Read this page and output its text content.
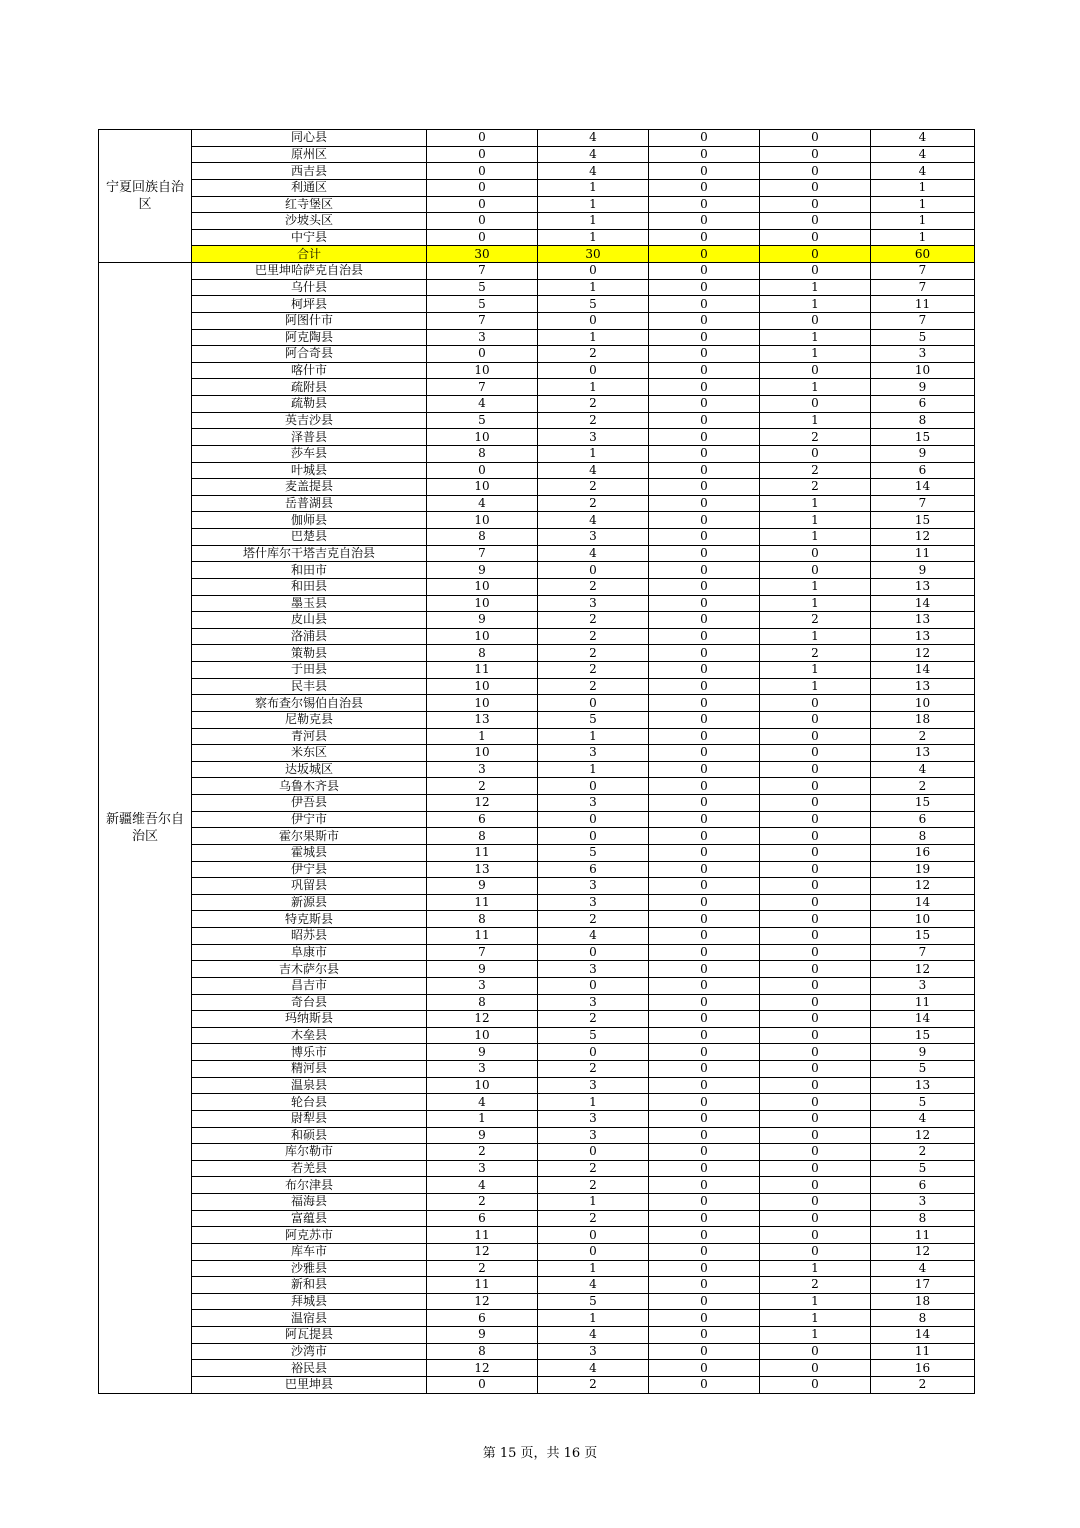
宁夏回族自治区	同心县	0	4	0	0	4
	原州区	0	4	0	0	4
	西吉县	0	4	0	0	4
	利通区	0	1	0	0	1
	红寺堡区	0	1	0	0	1
	沙坡头区	0	1	0	0	1
	中宁县	0	1	0	0	1
	合计	30	30	0	0	60
新疆维吾尔自治区	巴里坤哈萨克自治县	7	0	0	0	7
	乌什县	5	1	0	1	7
	柯坪县	5	5	0	1	11
	阿图什市	7	0	0	0	7
	阿克陶县	3	1	0	1	5
	阿合奇县	0	2	0	1	3
	喀什市	10	0	0	0	10
	疏附县	7	1	0	1	9
	疏勒县	4	2	0	0	6
	英吉沙县	5	2	0	1	8
	泽普县	10	3	0	2	15
	莎车县	8	1	0	0	9
	叶城县	0	4	0	2	6
	麦盖提县	10	2	0	2	14
	岳普湖县	4	2	0	1	7
	伽师县	10	4	0	1	15
	巴楚县	8	3	0	1	12
	塔什库尔干塔吉克自治县	7	4	0	0	11
	和田市	9	0	0	0	9
	和田县	10	2	0	1	13
	墨玉县	10	3	0	1	14
	皮山县	9	2	0	2	13
	洛浦县	10	2	0	1	13
	策勒县	8	2	0	2	12
	于田县	11	2	0	1	14
	民丰县	10	2	0	1	13
	察布查尔锡伯自治县	10	0	0	0	10
	尼勒克县	13	5	0	0	18
	青河县	1	1	0	0	2
	米东区	10	3	0	0	13
	达坂城区	3	1	0	0	4
	乌鲁木齐县	2	0	0	0	2
	伊吾县	12	3	0	0	15
	伊宁市	6	0	0	0	6
	霍尔果斯市	8	0	0	0	8
	霍城县	11	5	0	0	16
	伊宁县	13	6	0	0	19
	巩留县	9	3	0	0	12
	新源县	11	3	0	0	14
	特克斯县	8	2	0	0	10
	昭苏县	11	4	0	0	15
	阜康市	7	0	0	0	7
	吉木萨尔县	9	3	0	0	12
	昌吉市	3	0	0	0	3
	奇台县	8	3	0	0	11
	玛纳斯县	12	2	0	0	14
	木垒县	10	5	0	0	15
	博乐市	9	0	0	0	9
	精河县	3	2	0	0	5
	温泉县	10	3	0	0	13
	轮台县	4	1	0	0	5
	尉犁县	1	3	0	0	4
	和硕县	9	3	0	0	12
	库尔勒市	2	0	0	0	2
	若羌县	3	2	0	0	5
	布尔津县	4	2	0	0	6
	福海县	2	1	0	0	3
	富蕴县	6	2	0	0	8
	阿克苏市	11	0	0	0	11
	库车市	12	0	0	0	12
	沙雅县	2	1	0	1	4
	新和县	11	4	0	2	17
	拜城县	12	5	0	1	18
	温宿县	6	1	0	1	8
	阿瓦提县	9	4	0	1	14
	沙湾市	8	3	0	0	11
	裕民县	12	4	0	0	16
	巴里坤县	0	2	0	0	2
第 15 页，共 16 页
